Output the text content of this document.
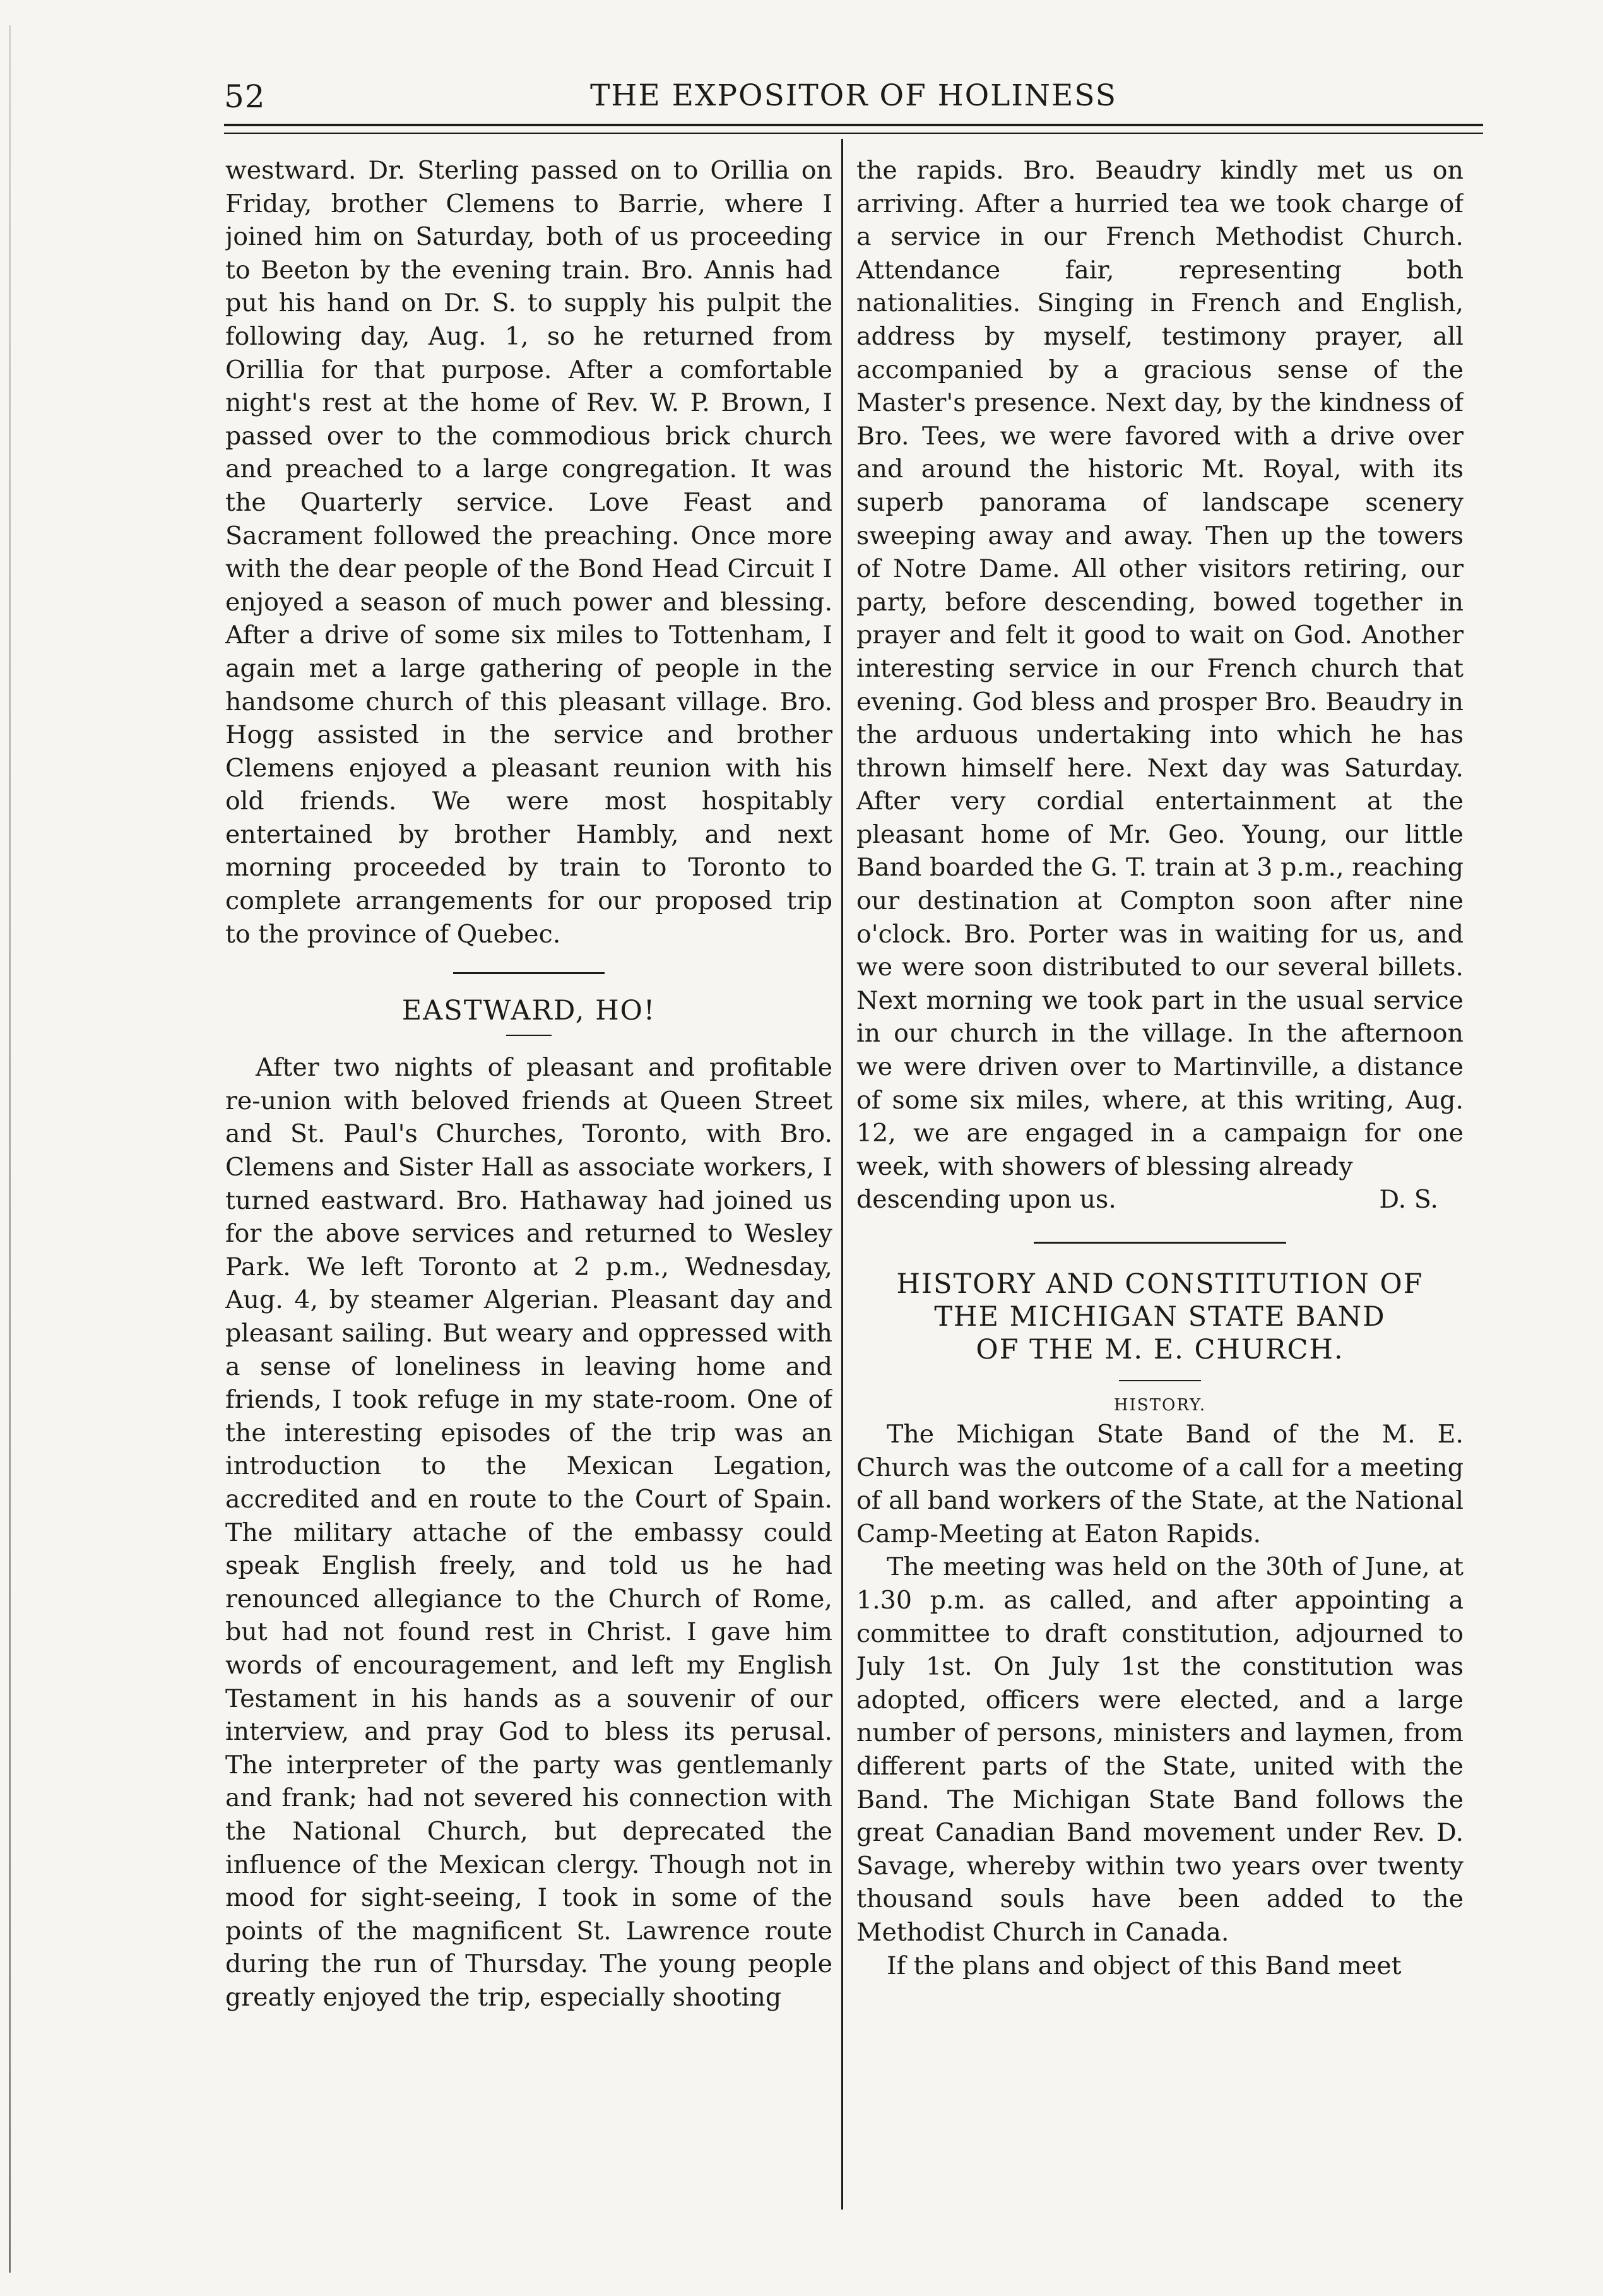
52	THE EXPOSITOR OF HOLINESS

westward. Dr. Sterling passed on to Orillia on Friday, brother Clemens to Barrie, where I joined him on Saturday, both of us proceeding to Beeton by the evening train. Bro. Annis had put his hand on Dr. S. to supply his pulpit the following day, Aug. 1, so he returned from Orillia for that purpose. After a comfortable night's rest at the home of Rev. W. P. Brown, I passed over to the commodious brick church and preached to a large congregation. It was the Quarterly service. Love Feast and Sacrament followed the preaching. Once more with the dear people of the Bond Head Circuit I enjoyed a season of much power and blessing. After a drive of some six miles to Tottenham, I again met a large gathering of people in the handsome church of this pleasant village. Bro. Hogg assisted in the service and brother Clemens enjoyed a pleasant reunion with his old friends. We were most hospitably entertained by brother Hambly, and next morning proceeded by train to Toronto to complete arrangements for our proposed trip to the province of Quebec.

EASTWARD, HO!

After two nights of pleasant and profitable re-union with beloved friends at Queen Street and St. Paul's Churches, Toronto, with Bro. Clemens and Sister Hall as associate workers, I turned eastward. Bro. Hathaway had joined us for the above services and returned to Wesley Park. We left Toronto at 2 p.m., Wednesday, Aug. 4, by steamer Algerian. Pleasant day and pleasant sailing. But weary and oppressed with a sense of loneliness in leaving home and friends, I took refuge in my state-room. One of the interesting episodes of the trip was an introduction to the Mexican Legation, accredited and en route to the Court of Spain. The military attache of the embassy could speak English freely, and told us he had renounced allegiance to the Church of Rome, but had not found rest in Christ. I gave him words of encouragement, and left my English Testament in his hands as a souvenir of our interview, and pray God to bless its perusal. The interpreter of the party was gentlemanly and frank; had not severed his connection with the National Church, but deprecated the influence of the Mexican clergy. Though not in mood for sight-seeing, I took in some of the points of the magnificent St. Lawrence route during the run of Thursday. The young people greatly enjoyed the trip, especially shooting

the rapids. Bro. Beaudry kindly met us on arriving. After a hurried tea we took charge of a service in our French Methodist Church. Attendance fair, representing both nationalities. Singing in French and English, address by myself, testimony prayer, all accompanied by a gracious sense of the Master's presence. Next day, by the kindness of Bro. Tees, we were favored with a drive over and around the historic Mt. Royal, with its superb panorama of landscape scenery sweeping away and away. Then up the towers of Notre Dame. All other visitors retiring, our party, before descending, bowed together in prayer and felt it good to wait on God. Another interesting service in our French church that evening. God bless and prosper Bro. Beaudry in the arduous undertaking into which he has thrown himself here. Next day was Saturday. After very cordial entertainment at the pleasant home of Mr. Geo. Young, our little Band boarded the G. T. train at 3 p.m., reaching our destination at Compton soon after nine o'clock. Bro. Porter was in waiting for us, and we were soon distributed to our several billets. Next morning we took part in the usual service in our church in the village. In the afternoon we were driven over to Martinville, a distance of some six miles, where, at this writing, Aug. 12, we are engaged in a campaign for one week, with showers of blessing already

descending upon us.	D. S.

HISTORY AND CONSTITUTION OF

THE MICHIGAN STATE BAND

OF THE M. E. CHURCH.

HISTORY.

The Michigan State Band of the M. E. Church was the outcome of a call for a meeting of all band workers of the State, at the National Camp-Meeting at Eaton Rapids.

The meeting was held on the 30th of June, at 1.30 p.m. as called, and after appointing a committee to draft constitution, adjourned to July 1st. On July 1st the constitution was adopted, officers were elected, and a large number of persons, ministers and laymen, from different parts of the State, united with the Band. The Michigan State Band follows the great Canadian Band movement under Rev. D. Savage, whereby within two years over twenty thousand souls have been added to the Methodist Church in Canada.

If the plans and object of this Band meet
